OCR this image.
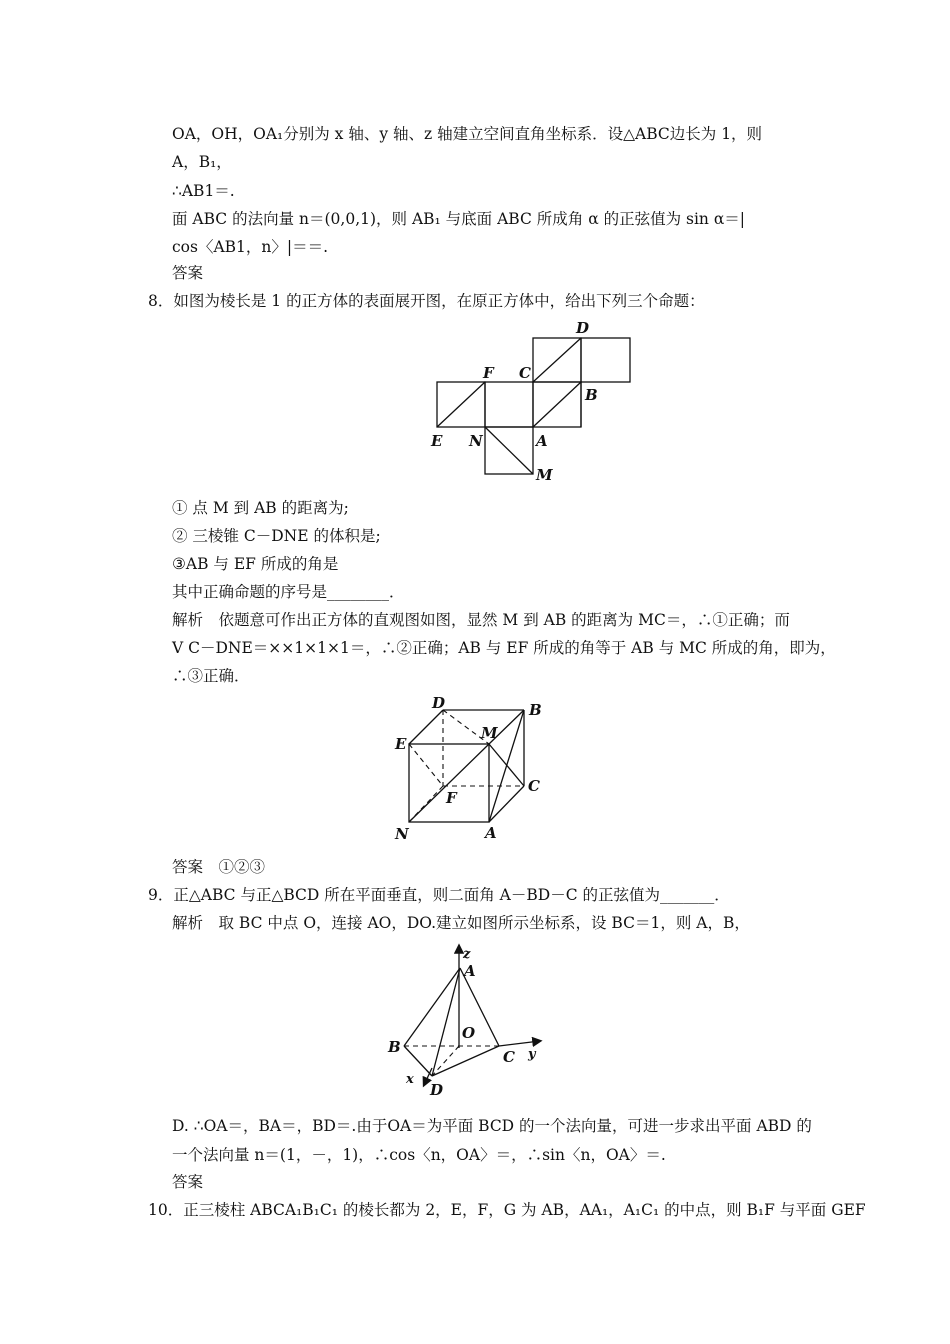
OA，OH，OA₁分别为 x 轴、y 轴、z 轴建立空间直角坐标系．设△ABC边长为 1，则
A，B₁，
∴AB1＝.
面 ABC 的法向量 n＝(0,0,1)，则 AB₁ 与底面 ABC 所成角 α 的正弦值为 sin α＝|
cos〈AB1，n〉|＝＝.
答案
8．如图为棱长是 1 的正方体的表面展开图，在原正方体中，给出下列三个命题：
D
F C
B
E N	A
M
① 点 M 到 AB 的距离为;
② 三棱锥 C－DNE 的体积是;
③AB 与 EF 所成的角是
其中正确命题的序号是________．
解析　依题意可作出正方体的直观图如图，显然 M 到 AB 的距离为 MC＝，∴①正确；而
V C－DNE＝××1×1×1＝，∴②正确；AB 与 EF 所成的角等于 AB 与 MC 所成的角，即为，
∴③正确．
D	B
E
M
C
F
N	A
答案　①②③
9．正△ABC 与正△BCD 所在平面垂直，则二面角 A－BD－C 的正弦值为_______．
解析　取 BC 中点 O，连接 AO，DO.建立如图所示坐标系，设 BC＝1，则 A，B，
z
A
O
B
C y
x
D
D. ∴OA＝，BA＝，BD＝.由于OA＝为平面 BCD 的一个法向量，可进一步求出平面 ABD 的
一个法向量 n＝(1，－，1)，∴cos〈n，OA〉＝，∴sin〈n，OA〉＝.
答案
10．正三棱柱 ABCA₁B₁C₁ 的棱长都为 2，E，F，G 为 AB，AA₁，A₁C₁ 的中点，则 B₁F 与平面 GEF
